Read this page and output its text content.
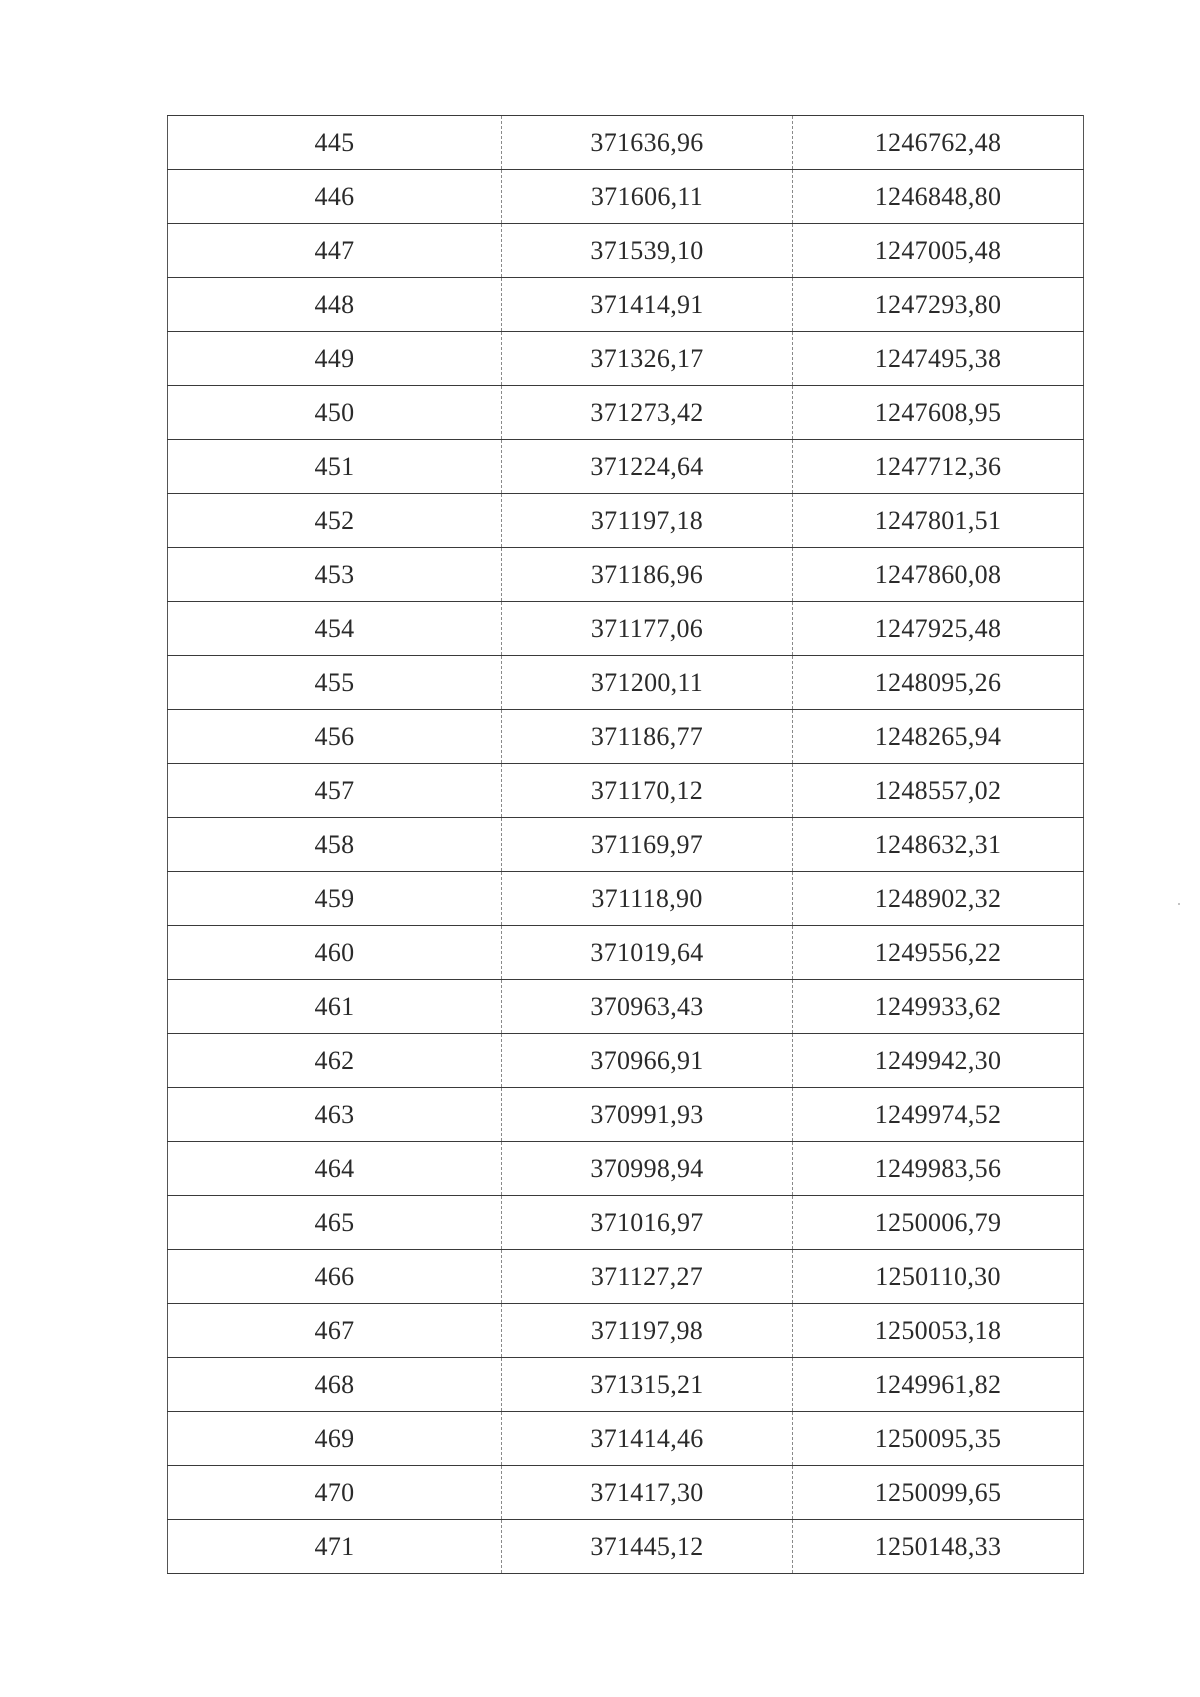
445	371636,96	1246762,48
446	371606,11	1246848,80
447	371539,10	1247005,48
448	371414,91	1247293,80
449	371326,17	1247495,38
450	371273,42	1247608,95
451	371224,64	1247712,36
452	371197,18	1247801,51
453	371186,96	1247860,08
454	371177,06	1247925,48
455	371200,11	1248095,26
456	371186,77	1248265,94
457	371170,12	1248557,02
458	371169,97	1248632,31
459	371118,90	1248902,32
460	371019,64	1249556,22
461	370963,43	1249933,62
462	370966,91	1249942,30
463	370991,93	1249974,52
464	370998,94	1249983,56
465	371016,97	1250006,79
466	371127,27	1250110,30
467	371197,98	1250053,18
468	371315,21	1249961,82
469	371414,46	1250095,35
470	371417,30	1250099,65
471	371445,12	1250148,33
